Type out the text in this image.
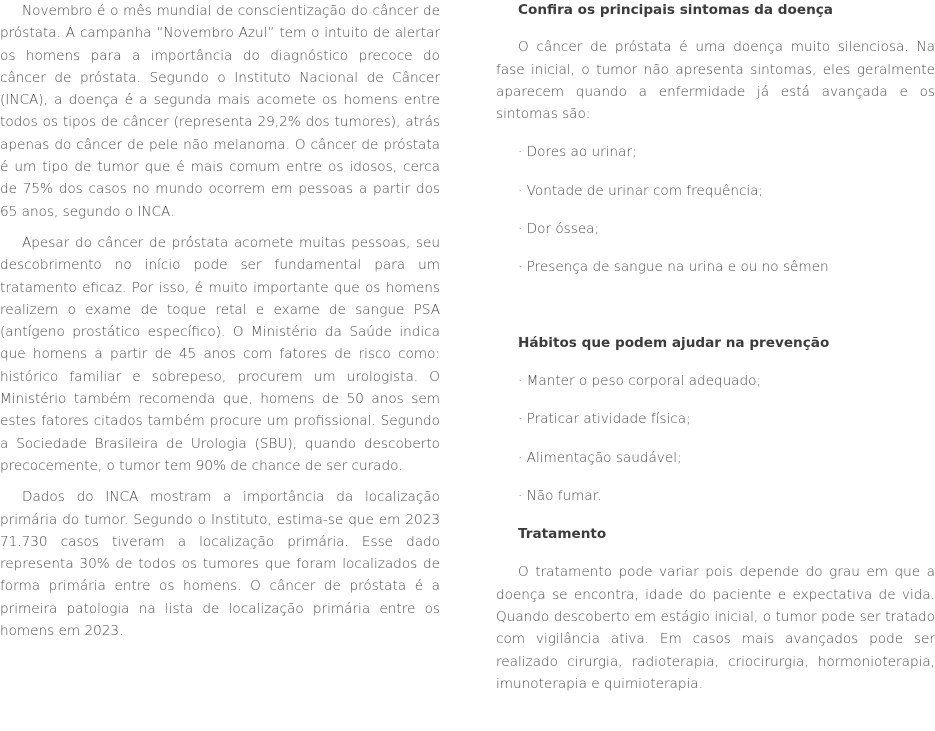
Novembro é o mês mundial de conscientização do câncer de próstata. A campanha “Novembro Azul” tem o intuito de alertar os homens para a importância do diagnóstico precoce do câncer de próstata. Segundo o Instituto Nacional de Câncer (INCA), a doença é a segunda mais acomete os homens entre todos os tipos de câncer (representa 29,2% dos tumores), atrás apenas do câncer de pele não melanoma. O câncer de próstata é um tipo de tumor que é mais comum entre os idosos, cerca de 75% dos casos no mundo ocorrem em pessoas a partir dos 65 anos, segundo o INCA.

Apesar do câncer de próstata acomete muitas pessoas, seu descobrimento no início pode ser fundamental para um tratamento eficaz. Por isso, é muito importante que os homens realizem o exame de toque retal e exame de sangue PSA (antígeno prostático específico). O Ministério da Saúde indica que homens a partir de 45 anos com fatores de risco como: histórico familiar e sobrepeso, procurem um urologista. O Ministério também recomenda que, homens de 50 anos sem estes fatores citados também procure um profissional. Segundo a Sociedade Brasileira de Urologia (SBU), quando descoberto precocemente, o tumor tem 90% de chance de ser curado.

Dados do INCA mostram a importância da localização primária do tumor. Segundo o Instituto, estima-se que em 2023 71.730 casos tiveram a localização primária. Esse dado representa 30% de todos os tumores que foram localizados de forma primária entre os homens. O câncer de próstata é a primeira patologia na lista de localização primária entre os homens em 2023.

Confira os principais sintomas da doença

O câncer de próstata é uma doença muito silenciosa. Na fase inicial, o tumor não apresenta sintomas, eles geralmente aparecem quando a enfermidade já está avançada e os sintomas são:

· Dores ao urinar;
· Vontade de urinar com frequência;
· Dor óssea;
· Presença de sangue na urina e ou no sêmen
Hábitos que podem ajudar na prevenção
· Manter o peso corporal adequado;
· Praticar atividade física;
· Alimentação saudável;
· Não fumar.
Tratamento

O tratamento pode variar pois depende do grau em que a doença se encontra, idade do paciente e expectativa de vida. Quando descoberto em estágio inicial, o tumor pode ser tratado com vigilância ativa. Em casos mais avançados pode ser realizado cirurgia, radioterapia, criocirurgia, hormonioterapia, imunoterapia e quimioterapia.
